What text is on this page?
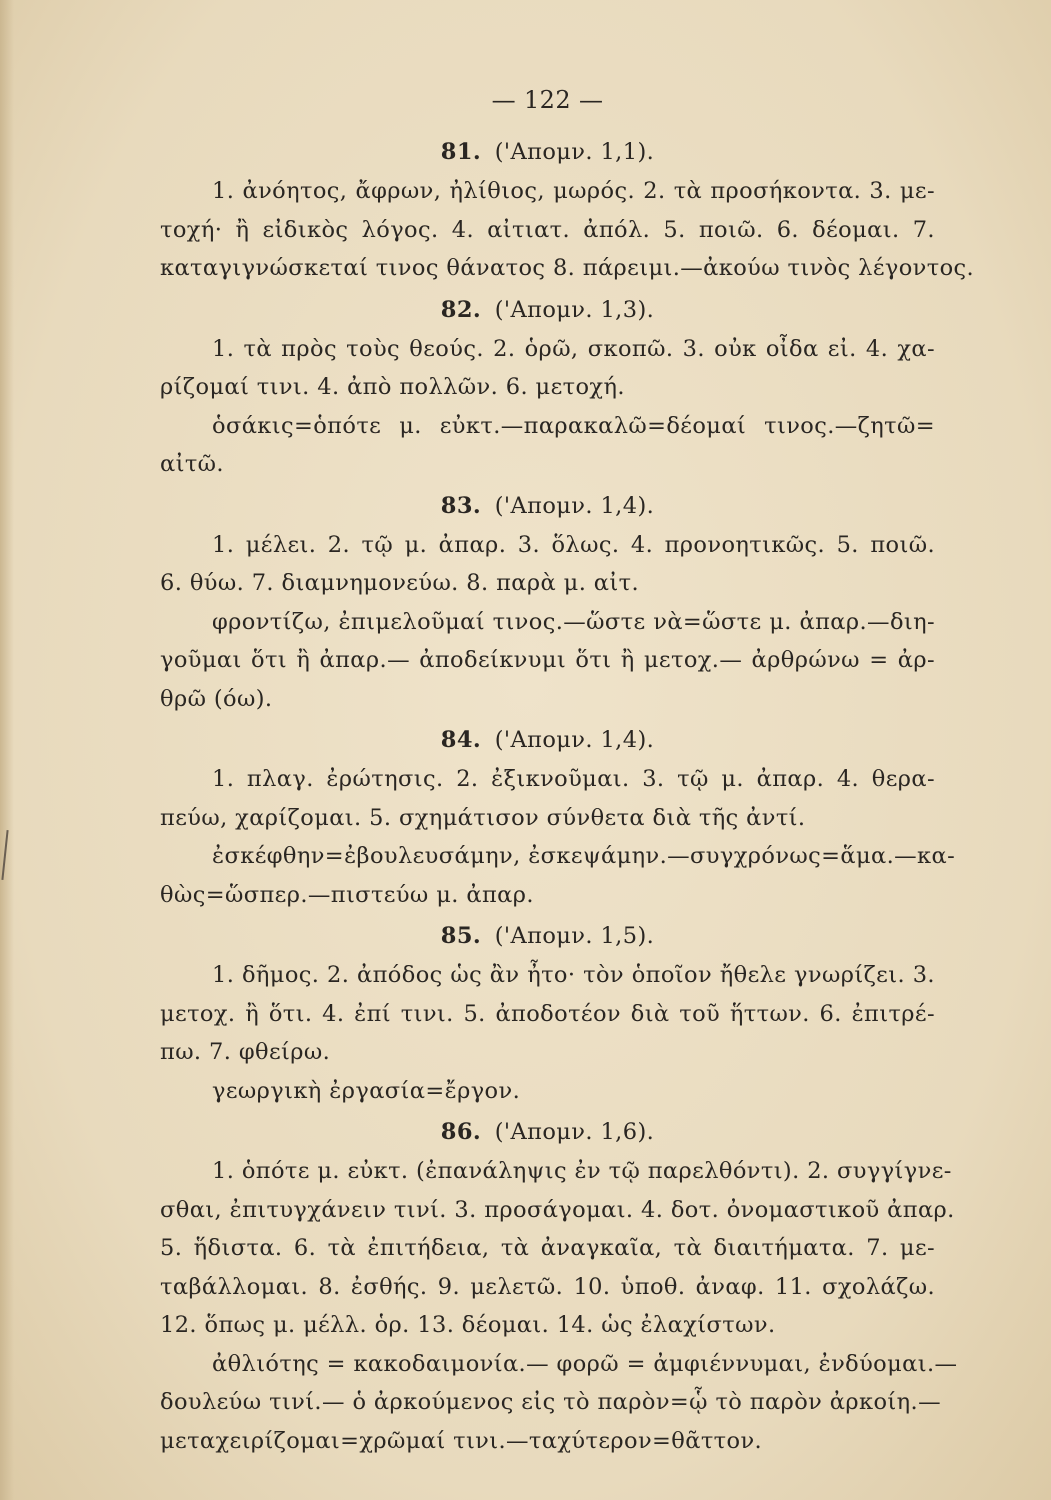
— 122 —
81. ('Απομν. 1,1).

1. ἀνόητος, ἄφρων, ἠλίθιος, μωρός. 2. τὰ προσήκοντα. 3. με-
τοχή· ἢ εἰδικὸς λόγος. 4. αἰτιατ. ἀπόλ. 5. ποιῶ. 6. δέομαι. 7.
καταγιγνώσκεταί τινος θάνατος 8. πάρειμι.—ἀκούω τινὸς λέγοντος.

82. ('Απομν. 1,3).

1. τὰ πρὸς τοὺς θεούς. 2. ὁρῶ, σκοπῶ. 3. οὐκ οἶδα εἰ. 4. χα-
ρίζομαί τινι. 4. ἀπὸ πολλῶν. 6. μετοχή.
ὁσάκις=ὁπότε μ. εὐκτ.—παρακαλῶ=δέομαί τινος.—ζητῶ=
αἰτῶ.

83. ('Απομν. 1,4).

1. μέλει. 2. τῷ μ. ἀπαρ. 3. ὅλως. 4. προνοητικῶς. 5. ποιῶ.
6. θύω. 7. διαμνημονεύω. 8. παρὰ μ. αἰτ.
φροντίζω, ἐπιμελοῦμαί τινος.—ὥστε νὰ=ὥστε μ. ἀπαρ.—διη-
γοῦμαι ὅτι ἢ ἀπαρ.— ἀποδείκνυμι ὅτι ἢ μετοχ.— ἀρθρώνω = ἀρ-
θρῶ (όω).

84. ('Απομν. 1,4).

1. πλαγ. ἐρώτησις. 2. ἐξικνοῦμαι. 3. τῷ μ. ἀπαρ. 4. θερα-
πεύω, χαρίζομαι. 5. σχημάτισον σύνθετα διὰ τῆς ἀντί.
ἐσκέφθην=ἐβουλευσάμην, ἐσκεψάμην.—συγχρόνως=ἅμα.—κα-
θὼς=ὥσπερ.—πιστεύω μ. ἀπαρ.

85. ('Απομν. 1,5).

1. δῆμος. 2. ἀπόδος ὡς ἂν ἦτο· τὸν ὁποῖον ἤθελε γνωρίζει. 3.
μετοχ. ἢ ὅτι. 4. ἐπί τινι. 5. ἀποδοτέον διὰ τοῦ ἥττων. 6. ἐπιτρέ-
πω. 7. φθείρω.
γεωργικὴ ἐργασία=ἔργον.

86. ('Απομν. 1,6).

1. ὁπότε μ. εὐκτ. (ἐπανάληψις ἐν τῷ παρελθόντι). 2. συγγίγνε-
σθαι, ἐπιτυγχάνειν τινί. 3. προσάγομαι. 4. δοτ. ὀνομαστικοῦ ἀπαρ.
5. ἥδιστα. 6. τὰ ἐπιτήδεια, τὰ ἀναγκαῖα, τὰ διαιτήματα. 7. με-
ταβάλλομαι. 8. ἐσθής. 9. μελετῶ. 10. ὑποθ. ἀναφ. 11. σχολάζω.
12. ὅπως μ. μέλλ. ὁρ. 13. δέομαι. 14. ὡς ἐλαχίστων.
ἀθλιότης = κακοδαιμονία.— φορῶ = ἀμφιέννυμαι, ἐνδύομαι.—
δουλεύω τινί.— ὁ ἀρκούμενος εἰς τὸ παρὸν=ᾧ τὸ παρὸν ἀρκοίη.—
μεταχειρίζομαι=χρῶμαί τινι.—ταχύτερον=θᾶττον.
